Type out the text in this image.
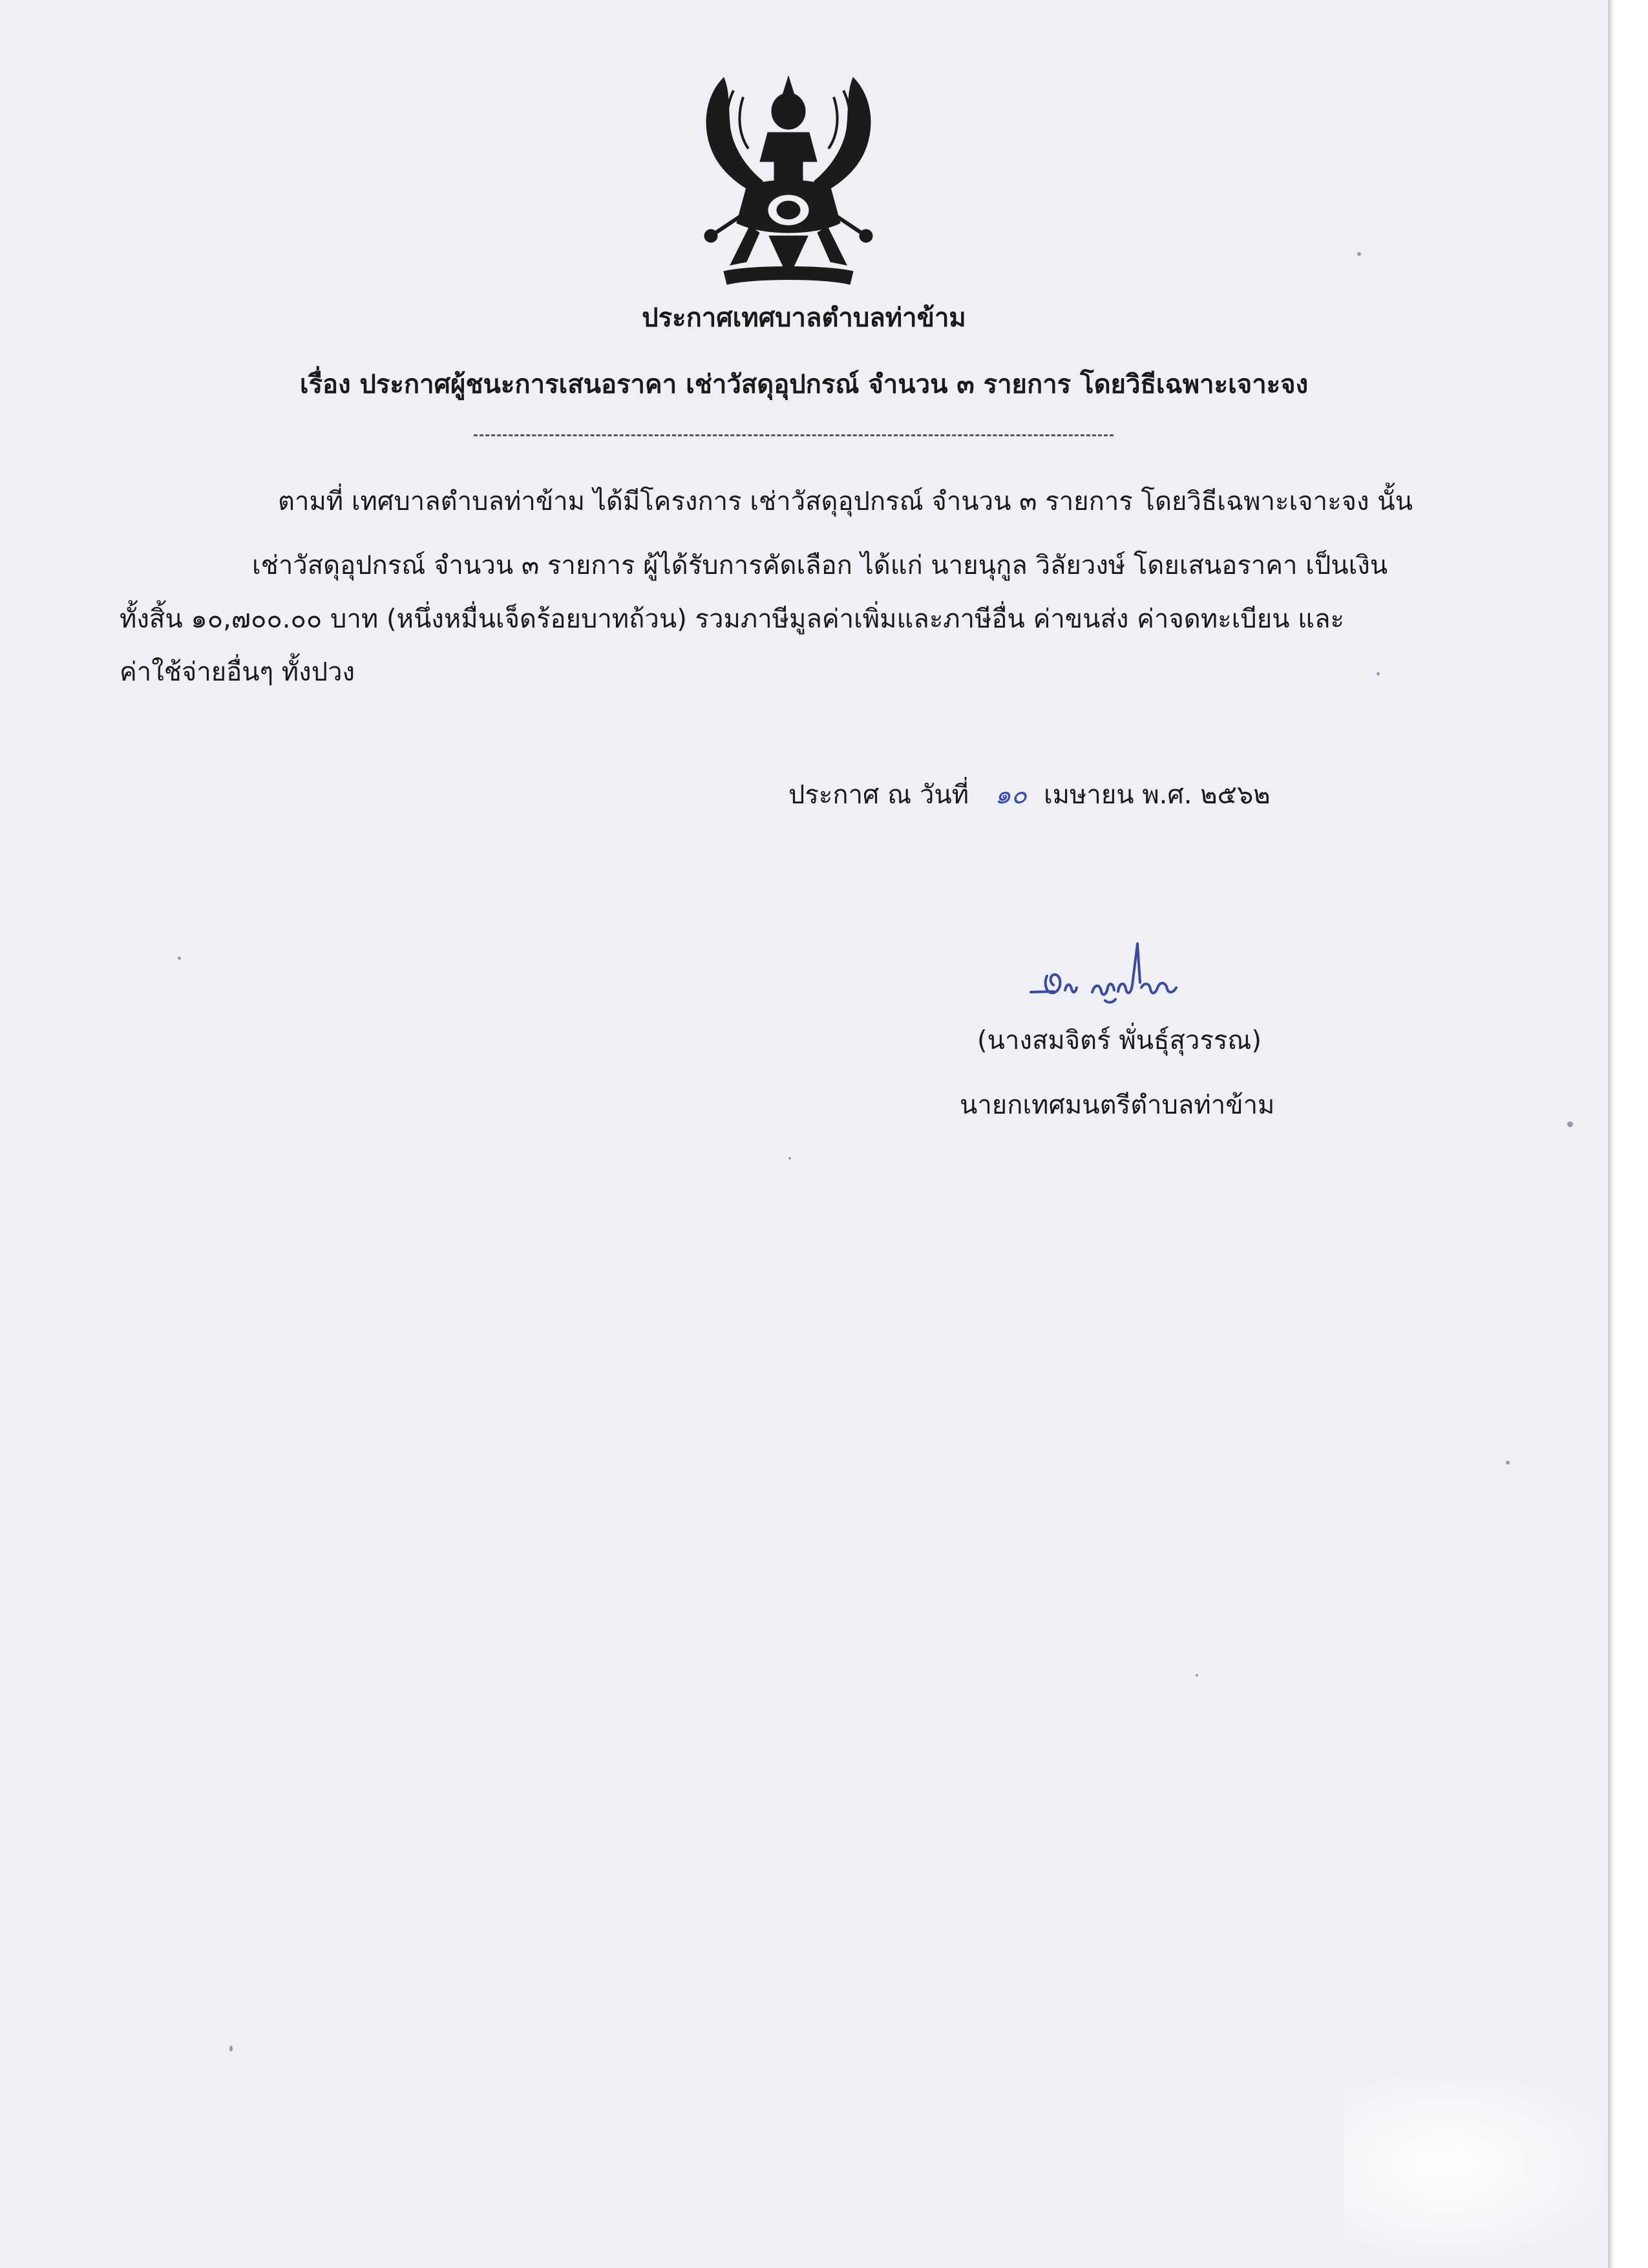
ประกาศเทศบาลตำบลท่าข้าม
เรื่อง ประกาศผู้ชนะการเสนอราคา เช่าวัสดุอุปกรณ์ จำนวน ๓ รายการ โดยวิธีเฉพาะเจาะจง
ตามที่ เทศบาลตำบลท่าข้าม ได้มีโครงการ เช่าวัสดุอุปกรณ์ จำนวน ๓ รายการ โดยวิธีเฉพาะเจาะจง นั้น
เช่าวัสดุอุปกรณ์ จำนวน ๓ รายการ ผู้ได้รับการคัดเลือก ได้แก่ นายนุกูล วิลัยวงษ์ โดยเสนอราคา เป็นเงิน
ทั้งสิ้น ๑๐,๗๐๐.๐๐ บาท (หนึ่งหมื่นเจ็ดร้อยบาทถ้วน) รวมภาษีมูลค่าเพิ่มและภาษีอื่น ค่าขนส่ง ค่าจดทะเบียน และ
ค่าใช้จ่ายอื่นๆ ทั้งปวง
ประกาศ ณ วันที่ ๑๐ เมษายน พ.ศ. ๒๕๖๒
(นางสมจิตร์ พั่นธุ์สุวรรณ)
นายกเทศมนตรีตำบลท่าข้าม
